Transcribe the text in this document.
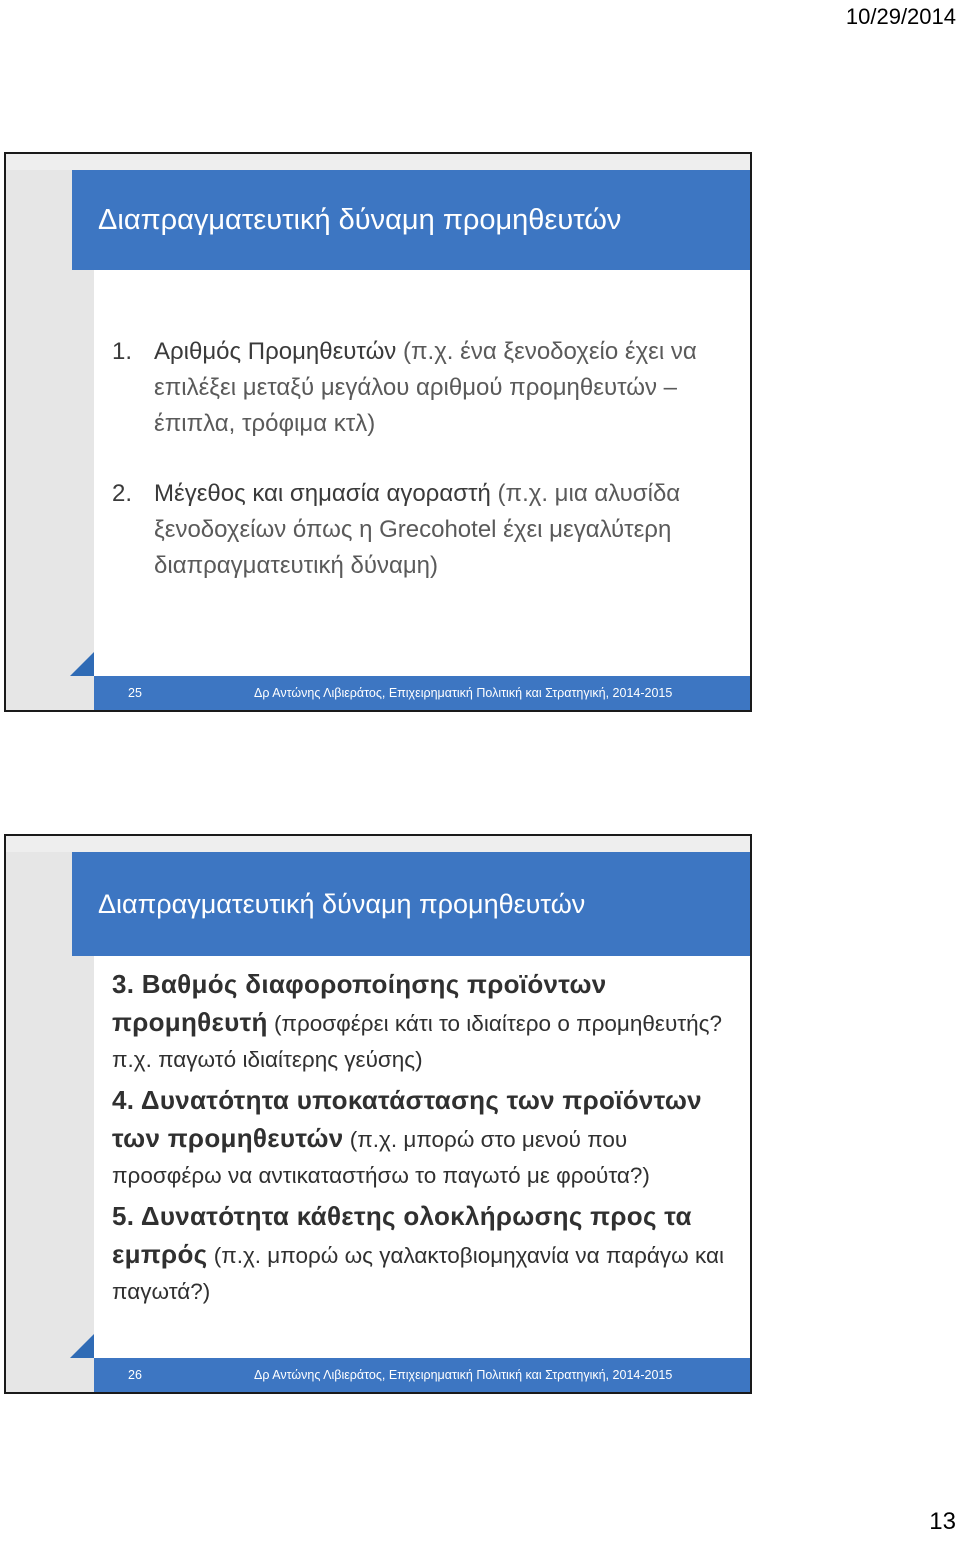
10/29/2014
Διαπραγματευτική δύναμη προμηθευτών
1. Αριθμός Προμηθευτών (π.χ. ένα ξενοδοχείο έχει να επιλέξει μεταξύ μεγάλου αριθμού προμηθευτών – έπιπλα, τρόφιμα κτλ)
2. Μέγεθος και σημασία αγοραστή (π.χ. μια αλυσίδα ξενοδοχείων όπως η Grecohotel έχει μεγαλύτερη διαπραγματευτική δύναμη)
25	Δρ Αντώνης Λιβιεράτος, Επιχειρηματική Πολιτική και Στρατηγική, 2014-2015
Διαπραγματευτική δύναμη προμηθευτών
3. Βαθμός διαφοροποίησης προϊόντων προμηθευτή (προσφέρει κάτι το ιδιαίτερο ο προμηθευτής? π.χ. παγωτό ιδιαίτερης γεύσης)
4. Δυνατότητα υποκατάστασης των προϊόντων των προμηθευτών (π.χ. μπορώ στο μενού που προσφέρω να αντικαταστήσω το παγωτό με φρούτα?)
5. Δυνατότητα κάθετης ολοκλήρωσης προς τα εμπρός (π.χ. μπορώ ως γαλακτοβιομηχανία να παράγω και παγωτά?)
26	Δρ Αντώνης Λιβιεράτος, Επιχειρηματική Πολιτική και Στρατηγική, 2014-2015
13
